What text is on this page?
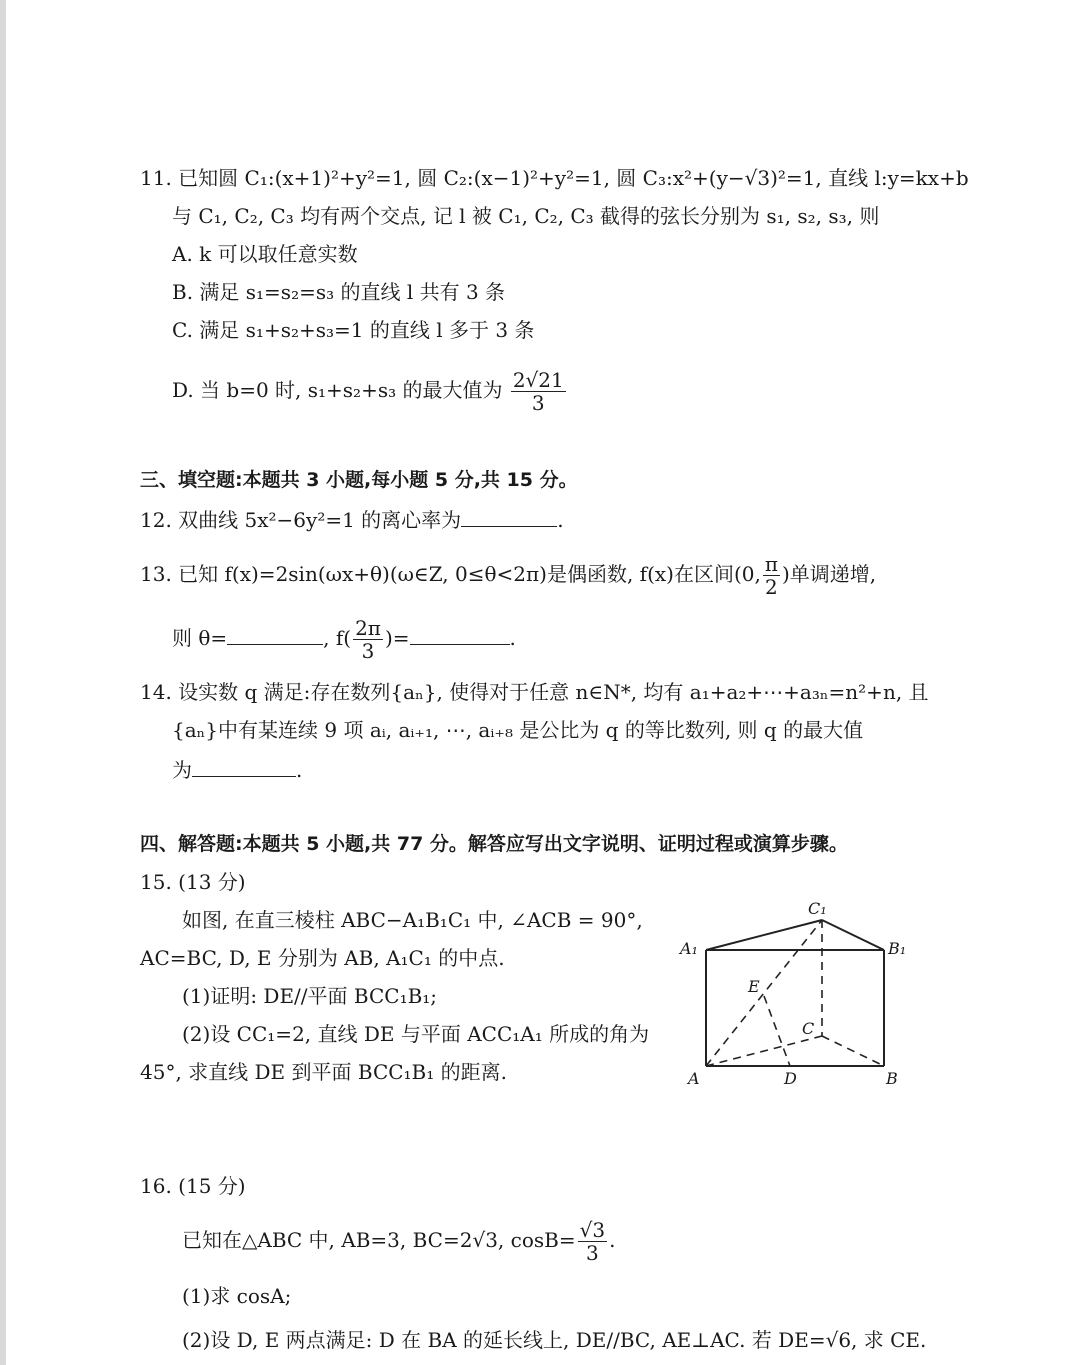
11. 已知圆 C₁:(x+1)²+y²=1, 圆 C₂:(x−1)²+y²=1, 圆 C₃:x²+(y−√3)²=1, 直线 l:y=kx+b
与 C₁, C₂, C₃ 均有两个交点, 记 l 被 C₁, C₂, C₃ 截得的弦长分别为 s₁, s₂, s₃, 则
A. k 可以取任意实数
B. 满足 s₁=s₂=s₃ 的直线 l 共有 3 条
C. 满足 s₁+s₂+s₃=1 的直线 l 多于 3 条
D. 当 b=0 时, s₁+s₂+s₃ 的最大值为 $\frac{2√21}{3}$
三、填空题:本题共 3 小题,每小题 5 分,共 15 分。
12. 双曲线 5x²−6y²=1 的离心率为	.
13. 已知 f(x)=2sin(ωx+θ)(ω∈Z, 0≤θ<2π)是偶函数, f(x)在区间(0, $\frac{\pi}{2}$ )单调递增,
则 θ=	, $f( \frac{2\pi}{3}$ )=	.
14. 设实数 q 满足:存在数列{aₙ}, 使得对于任意 n∈N*, 均有 a₁+a₂+⋯+a₃ₙ=n²+n, 且
{aₙ}中有某连续 9 项 aᵢ, aᵢ₊₁, ⋯, aᵢ₊₈ 是公比为 q 的等比数列, 则 q 的最大值
为	.
四、解答题:本题共 5 小题,共 77 分。解答应写出文字说明、证明过程或演算步骤。
15. (13 分)
如图, 在直三棱柱 ABC−A₁B₁C₁ 中, ∠ACB = 90°,
AC=BC, D, E 分别为 AB, A₁C₁ 的中点.
(1)证明: DE//平面 BCC₁B₁;
(2)设 CC₁=2, 直线 DE 与平面 ACC₁A₁ 所成的角为
45°, 求直线 DE 到平面 BCC₁B₁ 的距离.
A₁	B₁
C₁
E
C
A	D	B
16. (15 分)
已知在△ABC 中, AB=3, BC=2√3, $\cos B= \frac{√3}{3}$ .
(1)求 cosA;
(2)设 D, E 两点满足: D 在 BA 的延长线上, DE//BC, AE⊥AC. 若 DE=√6, 求 CE.
